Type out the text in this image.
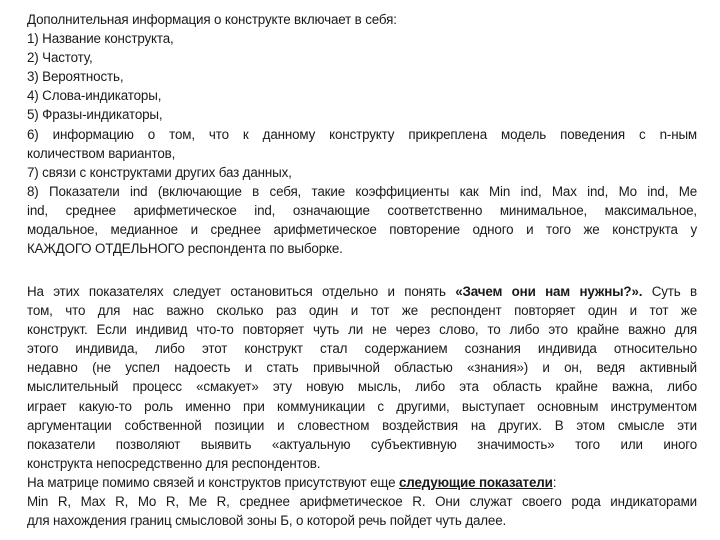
Дополнительная информация о конструкте включает в себя:
1) Название конструкта,
2) Частоту,
3) Вероятность,
4) Слова-индикаторы,
5) Фразы-индикаторы,
6) информацию о том, что к данному конструкту прикреплена модель поведения с n-ным
количеством вариантов,
7) связи с конструктами других баз данных,
8) Показатели ind (включающие в себя, такие коэффициенты как Min ind, Max ind, Mo ind, Me
ind, среднее арифметическое ind, означающие соответственно минимальное, максимальное,
модальное, медианное и среднее арифметическое повторение одного и того же конструкта у
КАЖДОГО ОТДЕЛЬНОГО респондента по выборке.
На этих показателях следует остановиться отдельно и понять «Зачем они нам нужны?». Суть в
том, что для нас важно сколько раз один и тот же респондент повторяет один и тот же
конструкт. Если индивид что-то повторяет чуть ли не через слово, то либо это крайне важно для
этого индивида, либо этот конструкт стал содержанием сознания индивида относительно
недавно (не успел надоесть и стать привычной областью «знания») и он, ведя активный
мыслительный процесс «смакует» эту новую мысль, либо эта область крайне важна, либо
играет какую-то роль именно при коммуникации с другими, выступает основным инструментом
аргументации собственной позиции и словестном воздействия на других. В этом смысле эти
показатели позволяют выявить «актуальную субъективную значимость» того или иного
конструкта непосредственно для респондентов.
На матрице помимо связей и конструктов присутствуют еще следующие показатели:
Min R, Max R, Mo R, Me R, среднее арифметическое R. Они служат своего рода индикаторами
для нахождения границ смысловой зоны Б, о которой речь пойдет чуть далее.
